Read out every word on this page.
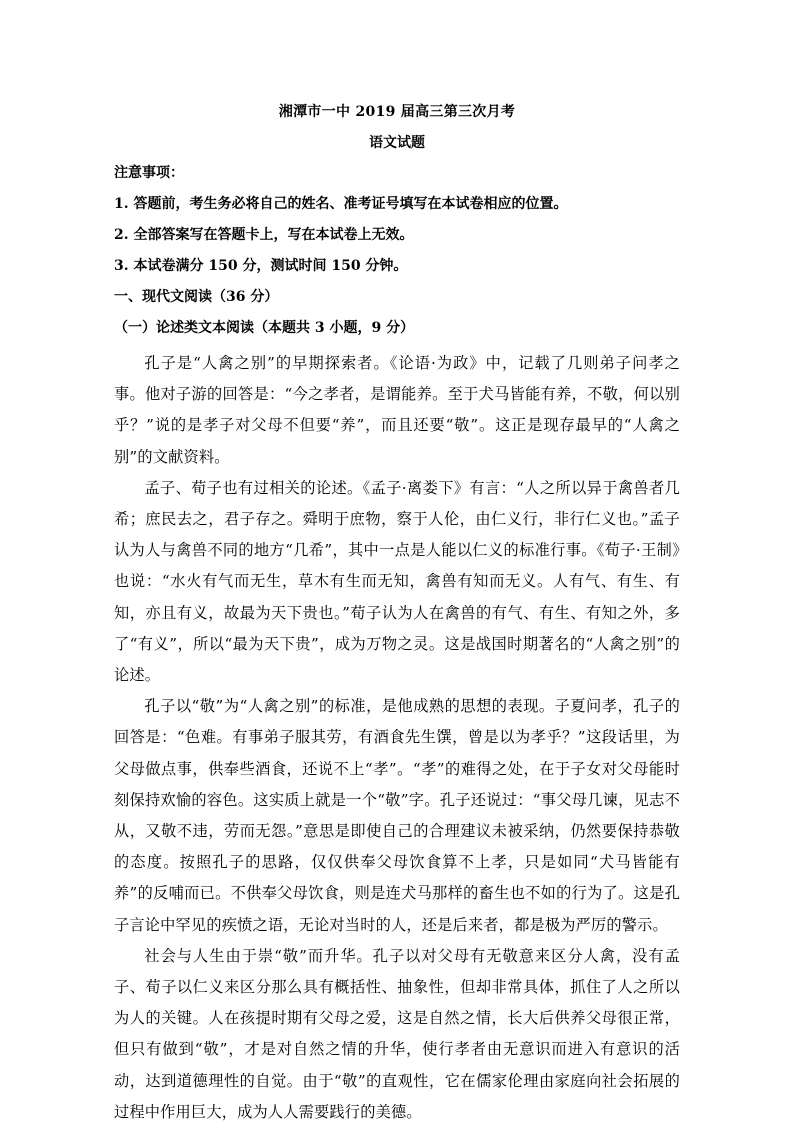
湘潭市一中 2019 届高三第三次月考
语文试题
注意事项：
1. 答题前，考生务必将自己的姓名、准考证号填写在本试卷相应的位置。
2. 全部答案写在答题卡上，写在本试卷上无效。
3. 本试卷满分 150 分，测试时间 150 分钟。
一、现代文阅读（36 分）
（一）论述类文本阅读（本题共 3 小题，9 分）

孔子是“人禽之别”的早期探索者。《论语·为政》中，记载了几则弟子问孝之事。他对子游的回答是：“今之孝者，是谓能养。至于犬马皆能有养，不敬，何以别乎？”说的是孝子对父母不但要“养”，而且还要“敬”。这正是现存最早的“人禽之别”的文献资料。

孟子、荀子也有过相关的论述。《孟子·离娄下》有言：“人之所以异于禽兽者几希；庶民去之，君子存之。舜明于庶物，察于人伦，由仁义行，非行仁义也。”孟子认为人与禽兽不同的地方“几希”，其中一点是人能以仁义的标准行事。《荀子·王制》也说：“水火有气而无生，草木有生而无知，禽兽有知而无义。人有气、有生、有知，亦且有义，故最为天下贵也。”荀子认为人在禽兽的有气、有生、有知之外，多了“有义”，所以“最为天下贵”，成为万物之灵。这是战国时期著名的“人禽之别”的论述。

孔子以“敬”为“人禽之别”的标准，是他成熟的思想的表现。子夏问孝，孔子的回答是：“色难。有事弟子服其劳，有酒食先生馔，曾是以为孝乎？”这段话里，为父母做点事，供奉些酒食，还说不上“孝”。“孝”的难得之处，在于子女对父母能时刻保持欢愉的容色。这实质上就是一个“敬”字。孔子还说过：“事父母几谏，见志不从，又敬不违，劳而无怨。”意思是即使自己的合理建议未被采纳，仍然要保持恭敬的态度。按照孔子的思路，仅仅供奉父母饮食算不上孝，只是如同“犬马皆能有养”的反哺而已。不供奉父母饮食，则是连犬马那样的畜生也不如的行为了。这是孔子言论中罕见的疾愤之语，无论对当时的人，还是后来者，都是极为严厉的警示。

社会与人生由于崇“敬”而升华。孔子以对父母有无敬意来区分人禽，没有孟子、荀子以仁义来区分那么具有概括性、抽象性，但却非常具体，抓住了人之所以为人的关键。人在孩提时期有父母之爱，这是自然之情，长大后供养父母很正常，但只有做到“敬”，才是对自然之情的升华，使行孝者由无意识而进入有意识的活动，达到道德理性的自觉。由于“敬”的直观性，它在儒家伦理由家庭向社会拓展的过程中作用巨大，成为人人需要践行的美德。
